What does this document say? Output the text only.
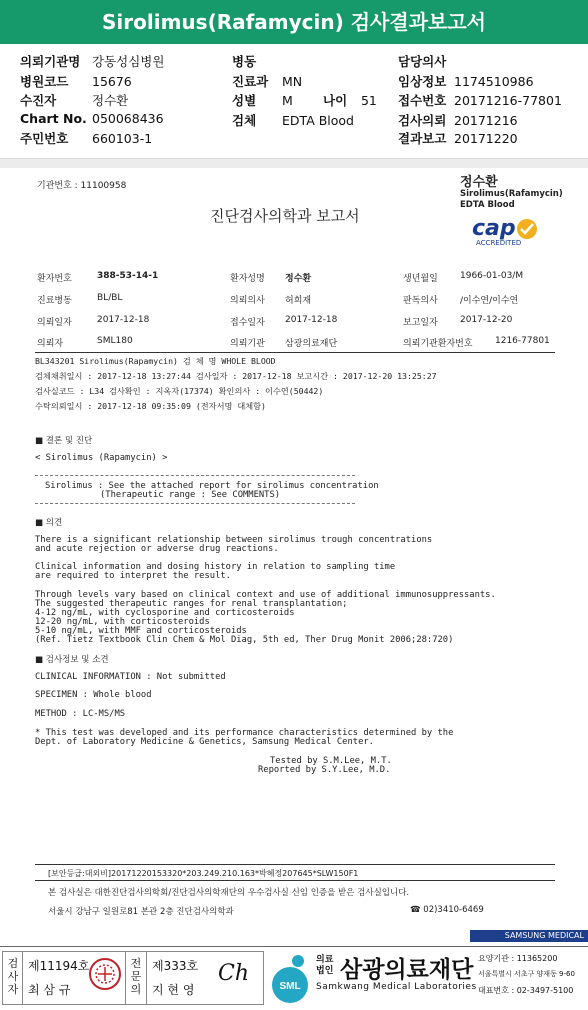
Sirolimus(Rafamycin) 검사결과보고서
의뢰기관명 강동성심병원
병원코드 15676
수진자	정수환
Chart No. 050068436
주민번호 660103-1
병동
진료과 MN
성별 M
검체 EDTA Blood
담당의사
임상정보 1174510986
접수번호 20171216-77801
검사의뢰 20171216
결과보고 20171220
나이 51
기관번호 : 11100958	정수환
Sirolimus(Rafamycin)
EDTA Blood
cap
ACCREDITED
진단검사의학과 보고서
환자번호	388-53-14-1	환자성명 정수환	생년월일 1966-01-03/M
진료병동	BL/BL	의뢰의사 허희재	판독의사 /이수연/이수연
의뢰일자	2017-12-18	접수일자 2017-12-18	보고일자 2017-12-20
의뢰자	SML180	의뢰기관 삼광의료재단	의뢰기관환자번호 1216-77801
BL343201 Sirolimus(Rapamycin) 검 체 명 WHOLE BLOOD
검체채취일시 : 2017-12-18 13:27:44 검사일자 : 2017-12-18 보고시간 : 2017-12-20 13:25:27
검사실코드 : L34 검사확인 : 지옥자(17374) 확인의사 : 이수연(50442)
수탁의뢰일시 : 2017-12-18 09:35:09 (전자서명 대체함)
■ 결론 및 진단
< Sirolimus (Rapamycin) >
Sirolimus : See the attached report for sirolimus concentration
(Therapeutic range : See COMMENTS)
■ 의견
There is a significant relationship between sirolimus trough concentrations
and acute rejection or adverse drug reactions.
Clinical information and dosing history in relation to sampling time
are required to interpret the result.
Through levels vary based on clinical context and use of additional immunosuppressants.
The suggested therapeutic ranges for renal transplantation;
4-12 ng/mL, with cyclosporine and corticosteroids
12-20 ng/mL, with corticosteroids
5-10 ng/mL, with MMF and corticosteroids
(Ref. Tietz Textbook Clin Chem & Mol Diag, 5th ed, Ther Drug Monit 2006;28:720)
■ 검사정보 및 소견
CLINICAL INFORMATION : Not submitted
SPECIMEN : Whole blood
METHOD : LC-MS/MS
* This test was developed and its performance characteristics determined by the
Dept. of Laboratory Medicine & Genetics, Samsung Medical Center.
Tested by S.M.Lee, M.T.
Reported by S.Y.Lee, M.D.
[보안등급:대외비]20171220153320*203.249.210.163*박혜정207645*SLW150F1
본 검사실은 대한진단검사의학회/진단검사의학재단의 우수검사실 신임 인증을 받은 검사실입니다.
서울시 강남구 일원로81 본관 2층 진단검사의학과	☎ 02)3410-6469
SAMSUNG MEDICAL
검
사
자
제11194호
최 삼 규
전
문
의
제333호
지 현 영
Ch
SML
의료
법인 삼광의료재단
Samkwang Medical Laboratories
요양기관 : 11365200
서울특별시 서초구 양재동 9-60
대표번호 : 02-3497-5100
